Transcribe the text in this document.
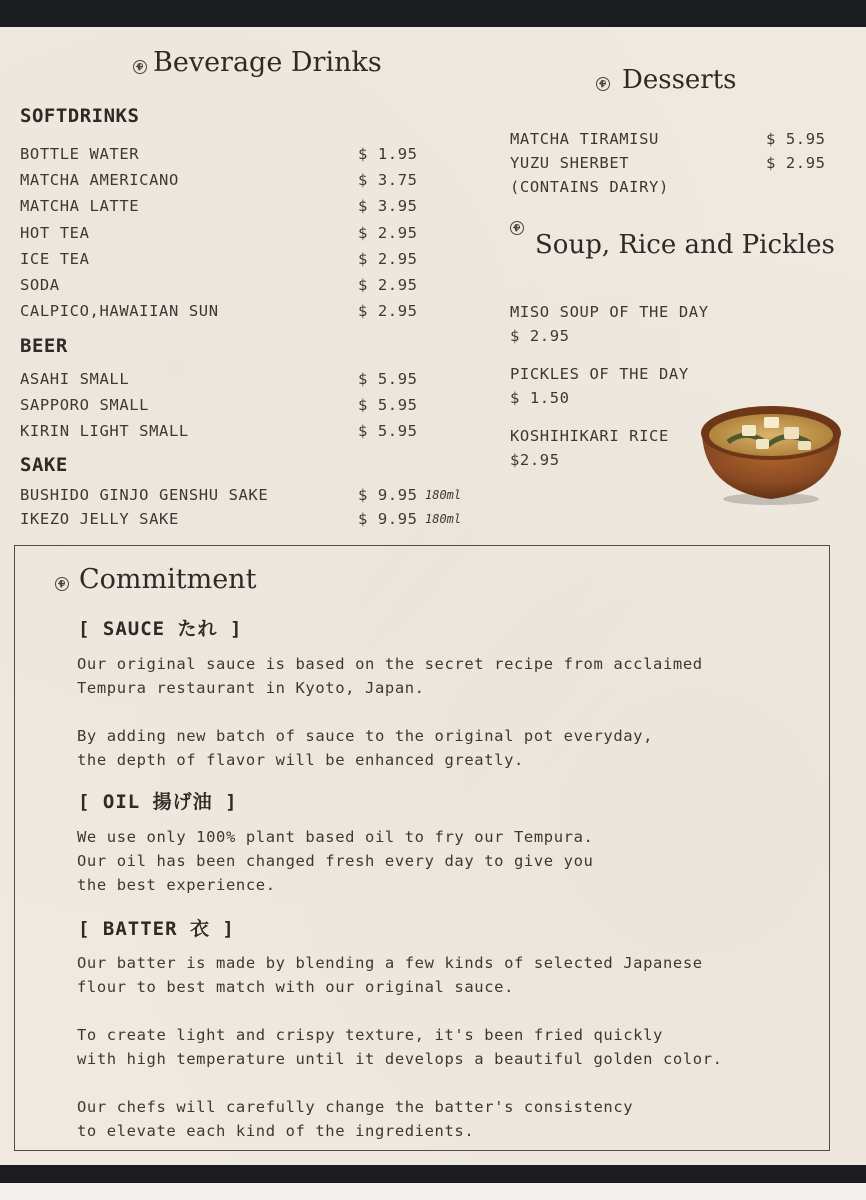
Beverage Drinks
SOFTDRINKS
BOTTLE WATER	$ 1.95
MATCHA AMERICANO	$ 3.75
MATCHA LATTE	$ 3.95
HOT TEA	$ 2.95
ICE TEA	$ 2.95
SODA	$ 2.95
CALPICO,HAWAIIAN SUN	$ 2.95
BEER
ASAHI SMALL	$ 5.95
SAPPORO SMALL	$ 5.95
KIRIN LIGHT SMALL	$ 5.95
SAKE
BUSHIDO GINJO GENSHU SAKE	$ 9.95 180ml
IKEZO JELLY SAKE	$ 9.95 180ml
Desserts
MATCHA TIRAMISU	$ 5.95
YUZU SHERBET	$ 2.95
(CONTAINS DAIRY)
Soup, Rice and Pickles
MISO SOUP OF THE DAY
$ 2.95
PICKLES OF THE DAY
$ 1.50
KOSHIHIKARI RICE
$2.95
Commitment
[ SAUCE たれ ]
Our original sauce is based on the secret recipe from acclaimed
Tempura restaurant in Kyoto, Japan.

By adding new batch of sauce to the original pot everyday,
the depth of flavor will be enhanced greatly.
[ OIL 揚げ油 ]
We use only 100% plant based oil to fry our Tempura.
Our oil has been changed fresh every day to give you
the best experience.
[ BATTER 衣 ]
Our batter is made by blending a few kinds of selected Japanese
flour to best match with our original sauce.

To create light and crispy texture, it's been fried quickly
with high temperature until it develops a beautiful golden color.

Our chefs will carefully change the batter's consistency
to elevate each kind of the ingredients.
